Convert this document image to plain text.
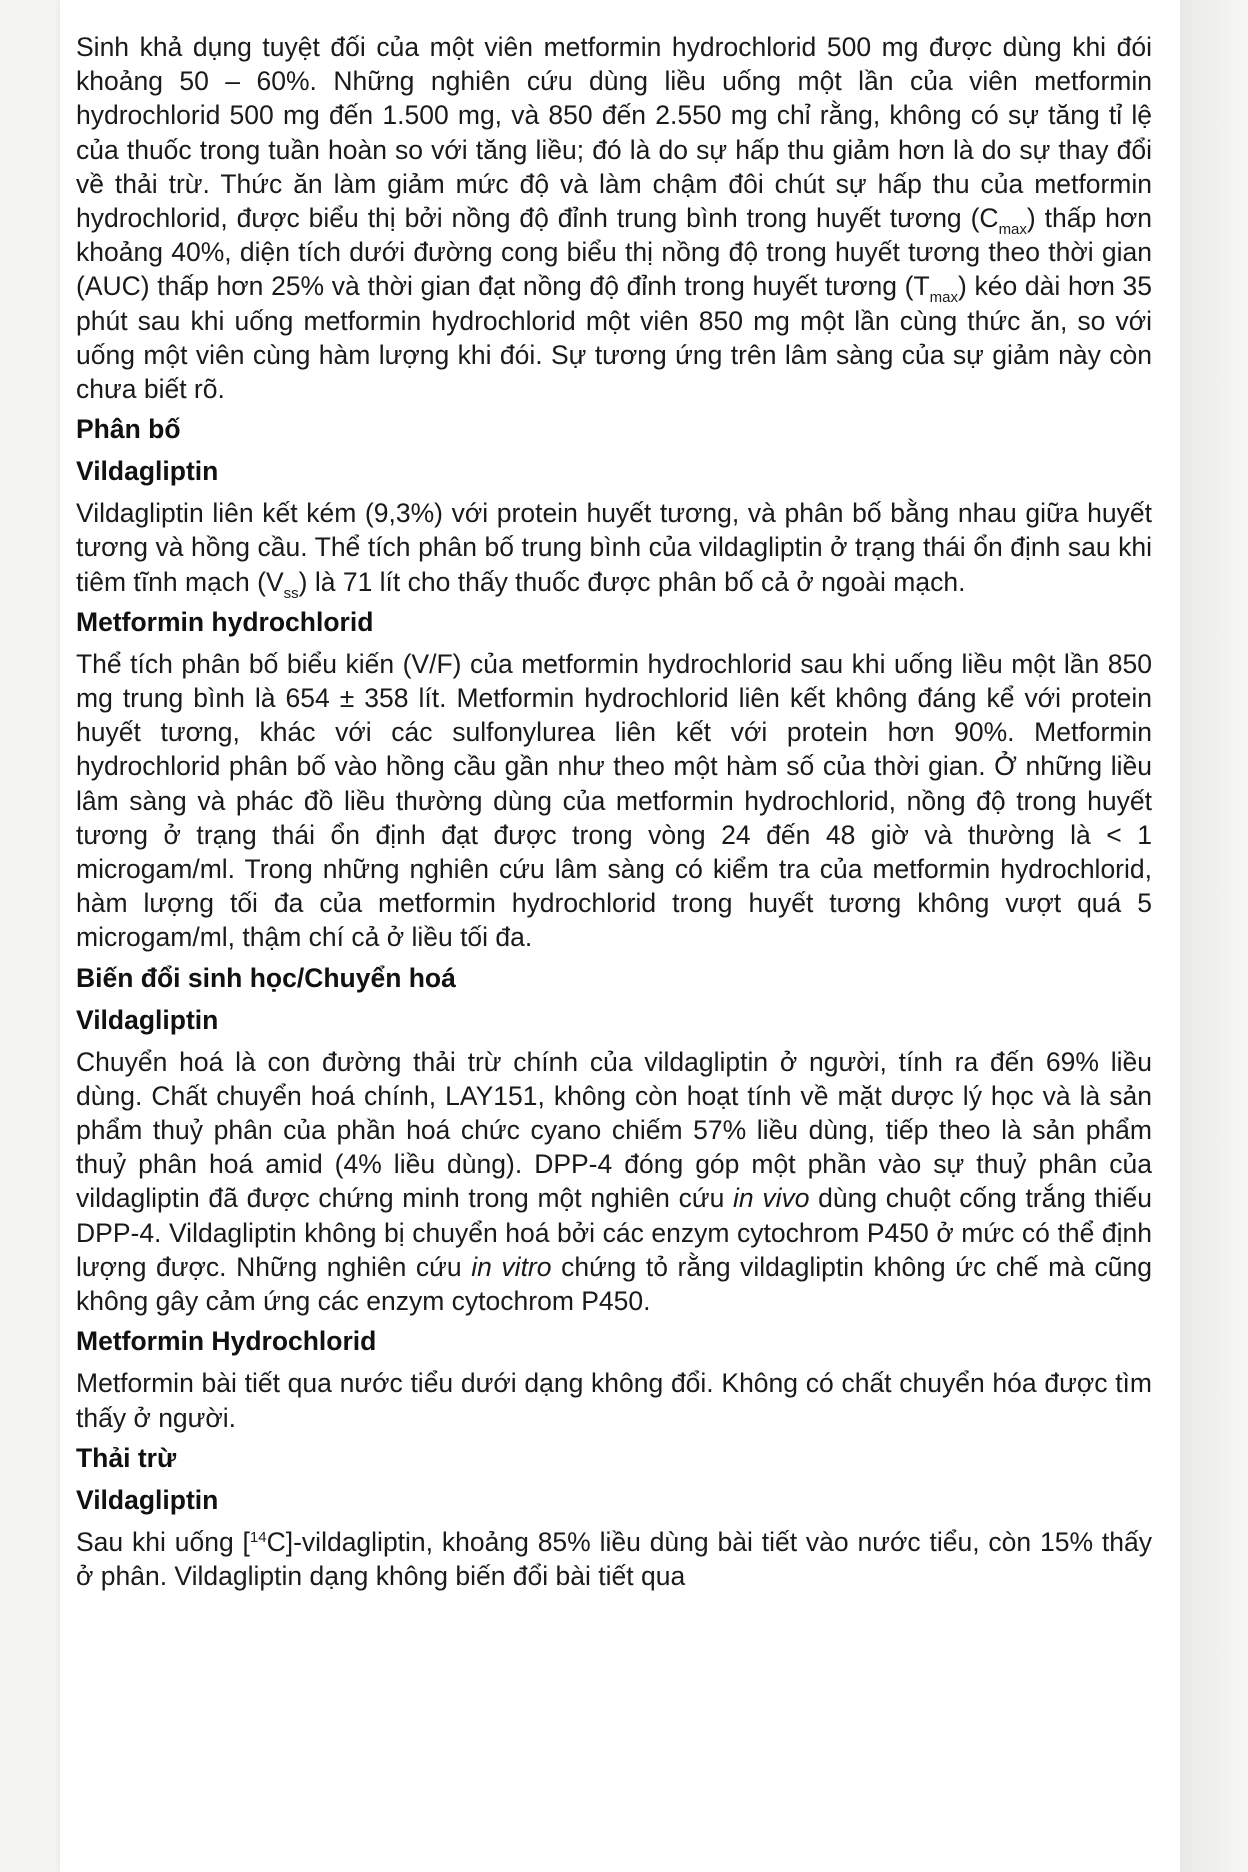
Sinh khả dụng tuyệt đối của một viên metformin hydrochlorid 500 mg được dùng khi đói khoảng 50 – 60%. Những nghiên cứu dùng liều uống một lần của viên metformin hydrochlorid 500 mg đến 1.500 mg, và 850 đến 2.550 mg chỉ rằng, không có sự tăng tỉ lệ của thuốc trong tuần hoàn so với tăng liều; đó là do sự hấp thu giảm hơn là do sự thay đổi về thải trừ. Thức ăn làm giảm mức độ và làm chậm đôi chút sự hấp thu của metformin hydrochlorid, được biểu thị bởi nồng độ đỉnh trung bình trong huyết tương $(C_{max})$ thấp hơn khoảng 40%, diện tích dưới đường cong biểu thị nồng độ trong huyết tương theo thời gian (AUC) thấp hơn 25% và thời gian đạt nồng độ đỉnh trong huyết tương $(T_{max})$ kéo dài hơn 35 phút sau khi uống metformin hydrochlorid một viên 850 mg một lần cùng thức ăn, so với uống một viên cùng hàm lượng khi đói. Sự tương ứng trên lâm sàng của sự giảm này còn chưa biết rõ.

Phân bố
Vildagliptin

Vildagliptin liên kết kém (9,3%) với protein huyết tương, và phân bố bằng nhau giữa huyết tương và hồng cầu. Thể tích phân bố trung bình của vildagliptin ở trạng thái ổn định sau khi tiêm tĩnh mạch $(V_{ss})$ là 71 lít cho thấy thuốc được phân bố cả ở ngoài mạch.

Metformin hydrochlorid

Thể tích phân bố biểu kiến (V/F) của metformin hydrochlorid sau khi uống liều một lần 850 mg trung bình là 654 ± 358 lít. Metformin hydrochlorid liên kết không đáng kể với protein huyết tương, khác với các sulfonylurea liên kết với protein hơn 90%. Metformin hydrochlorid phân bố vào hồng cầu gần như theo một hàm số của thời gian. Ở những liều lâm sàng và phác đồ liều thường dùng của metformin hydrochlorid, nồng độ trong huyết tương ở trạng thái ổn định đạt được trong vòng 24 đến 48 giờ và thường là < 1 microgam/ml. Trong những nghiên cứu lâm sàng có kiểm tra của metformin hydrochlorid, hàm lượng tối đa của metformin hydrochlorid trong huyết tương không vượt quá 5 microgam/ml, thậm chí cả ở liều tối đa.

Biến đổi sinh học/Chuyển hoá
Vildagliptin

Chuyển hoá là con đường thải trừ chính của vildagliptin ở người, tính ra đến 69% liều dùng. Chất chuyển hoá chính, LAY151, không còn hoạt tính về mặt dược lý học và là sản phẩm thuỷ phân của phần hoá chức cyano chiếm 57% liều dùng, tiếp theo là sản phẩm thuỷ phân hoá amid (4% liều dùng). DPP-4 đóng góp một phần vào sự thuỷ phân của vildagliptin đã được chứng minh trong một nghiên cứu in vivo dùng chuột cống trắng thiếu DPP-4. Vildagliptin không bị chuyển hoá bởi các enzym cytochrom P450 ở mức có thể định lượng được. Những nghiên cứu in vitro chứng tỏ rằng vildagliptin không ức chế mà cũng không gây cảm ứng các enzym cytochrom P450.

Metformin Hydrochlorid

Metformin bài tiết qua nước tiểu dưới dạng không đổi. Không có chất chuyển hóa được tìm thấy ở người.

Thải trừ
Vildagliptin

Sau khi uống [$^{14}$C]-vildagliptin, khoảng 85% liều dùng bài tiết vào nước tiểu, còn 15% thấy ở phân. Vildagliptin dạng không biến đổi bài tiết qua
